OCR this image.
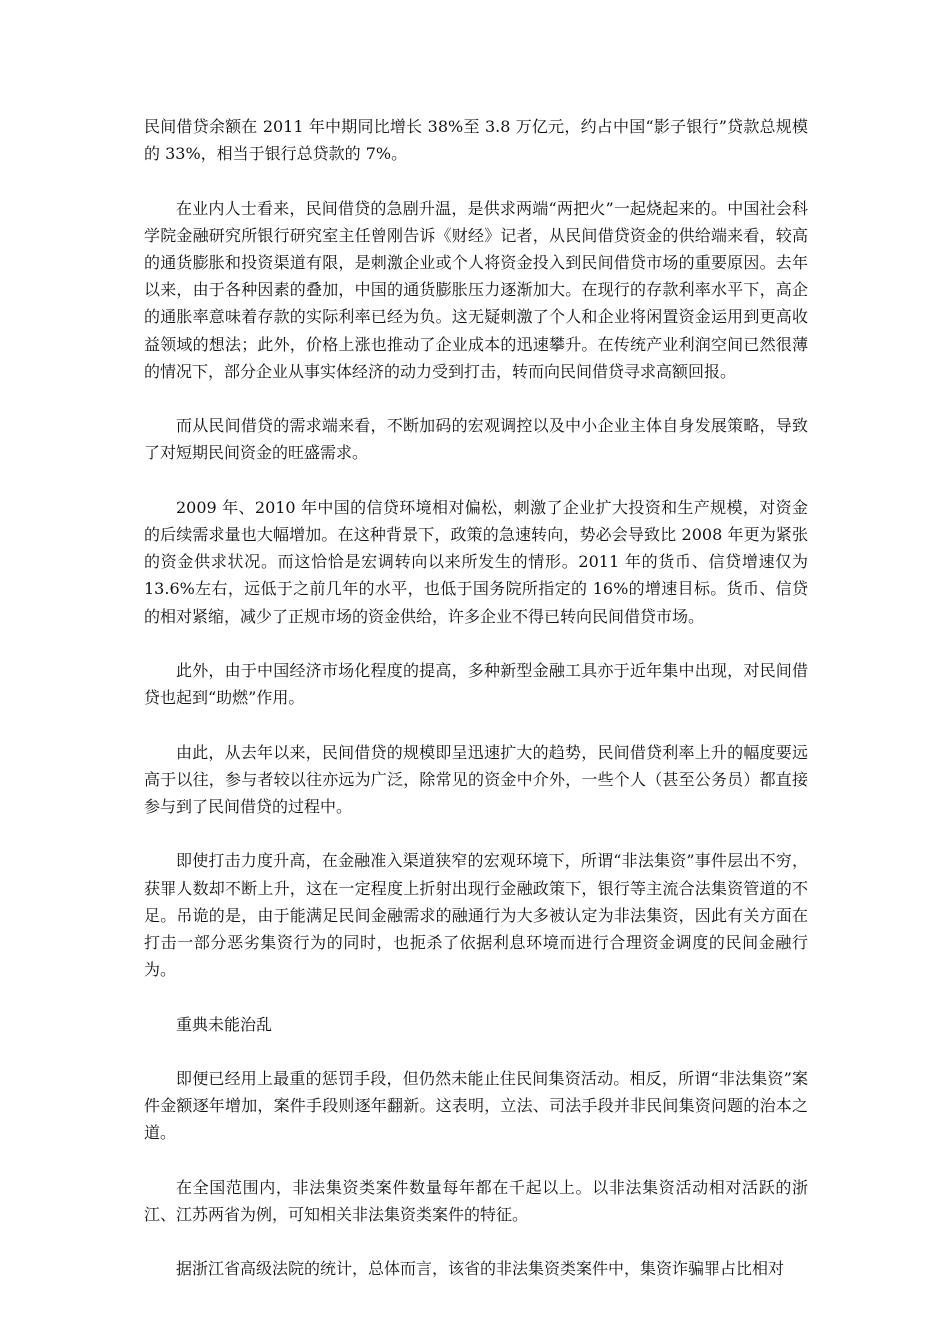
民间借贷余额在 2011 年中期同比增长 38%至 3.8 万亿元，约占中国“影子银行”贷款总规模的 33%，相当于银行总贷款的 7%。

在业内人士看来，民间借贷的急剧升温，是供求两端“两把火”一起烧起来的。中国社会科学院金融研究所银行研究室主任曾刚告诉《财经》记者，从民间借贷资金的供给端来看，较高的通货膨胀和投资渠道有限，是刺激企业或个人将资金投入到民间借贷市场的重要原因。去年以来，由于各种因素的叠加，中国的通货膨胀压力逐渐加大。在现行的存款利率水平下，高企的通胀率意味着存款的实际利率已经为负。这无疑刺激了个人和企业将闲置资金运用到更高收益领域的想法；此外，价格上涨也推动了企业成本的迅速攀升。在传统产业利润空间已然很薄的情况下，部分企业从事实体经济的动力受到打击，转而向民间借贷寻求高额回报。

而从民间借贷的需求端来看，不断加码的宏观调控以及中小企业主体自身发展策略，导致了对短期民间资金的旺盛需求。

2009 年、2010 年中国的信贷环境相对偏松，刺激了企业扩大投资和生产规模，对资金的后续需求量也大幅增加。在这种背景下，政策的急速转向，势必会导致比 2008 年更为紧张的资金供求状况。而这恰恰是宏调转向以来所发生的情形。2011 年的货币、信贷增速仅为 13.6%左右，远低于之前几年的水平，也低于国务院所指定的 16%的增速目标。货币、信贷的相对紧缩，减少了正规市场的资金供给，许多企业不得已转向民间借贷市场。

此外，由于中国经济市场化程度的提高，多种新型金融工具亦于近年集中出现，对民间借贷也起到“助燃”作用。

由此，从去年以来，民间借贷的规模即呈迅速扩大的趋势，民间借贷利率上升的幅度要远高于以往，参与者较以往亦远为广泛，除常见的资金中介外，一些个人（甚至公务员）都直接参与到了民间借贷的过程中。

即使打击力度升高，在金融准入渠道狭窄的宏观环境下，所谓“非法集资”事件层出不穷，获罪人数却不断上升，这在一定程度上折射出现行金融政策下，银行等主流合法集资管道的不足。吊诡的是，由于能满足民间金融需求的融通行为大多被认定为非法集资，因此有关方面在打击一部分恶劣集资行为的同时，也扼杀了依据利息环境而进行合理资金调度的民间金融行为。

重典未能治乱

即便已经用上最重的惩罚手段，但仍然未能止住民间集资活动。相反，所谓“非法集资”案件金额逐年增加，案件手段则逐年翻新。这表明，立法、司法手段并非民间集资问题的治本之道。

在全国范围内，非法集资类案件数量每年都在千起以上。以非法集资活动相对活跃的浙江、江苏两省为例，可知相关非法集资类案件的特征。

据浙江省高级法院的统计，总体而言，该省的非法集资类案件中，集资诈骗罪占比相对
